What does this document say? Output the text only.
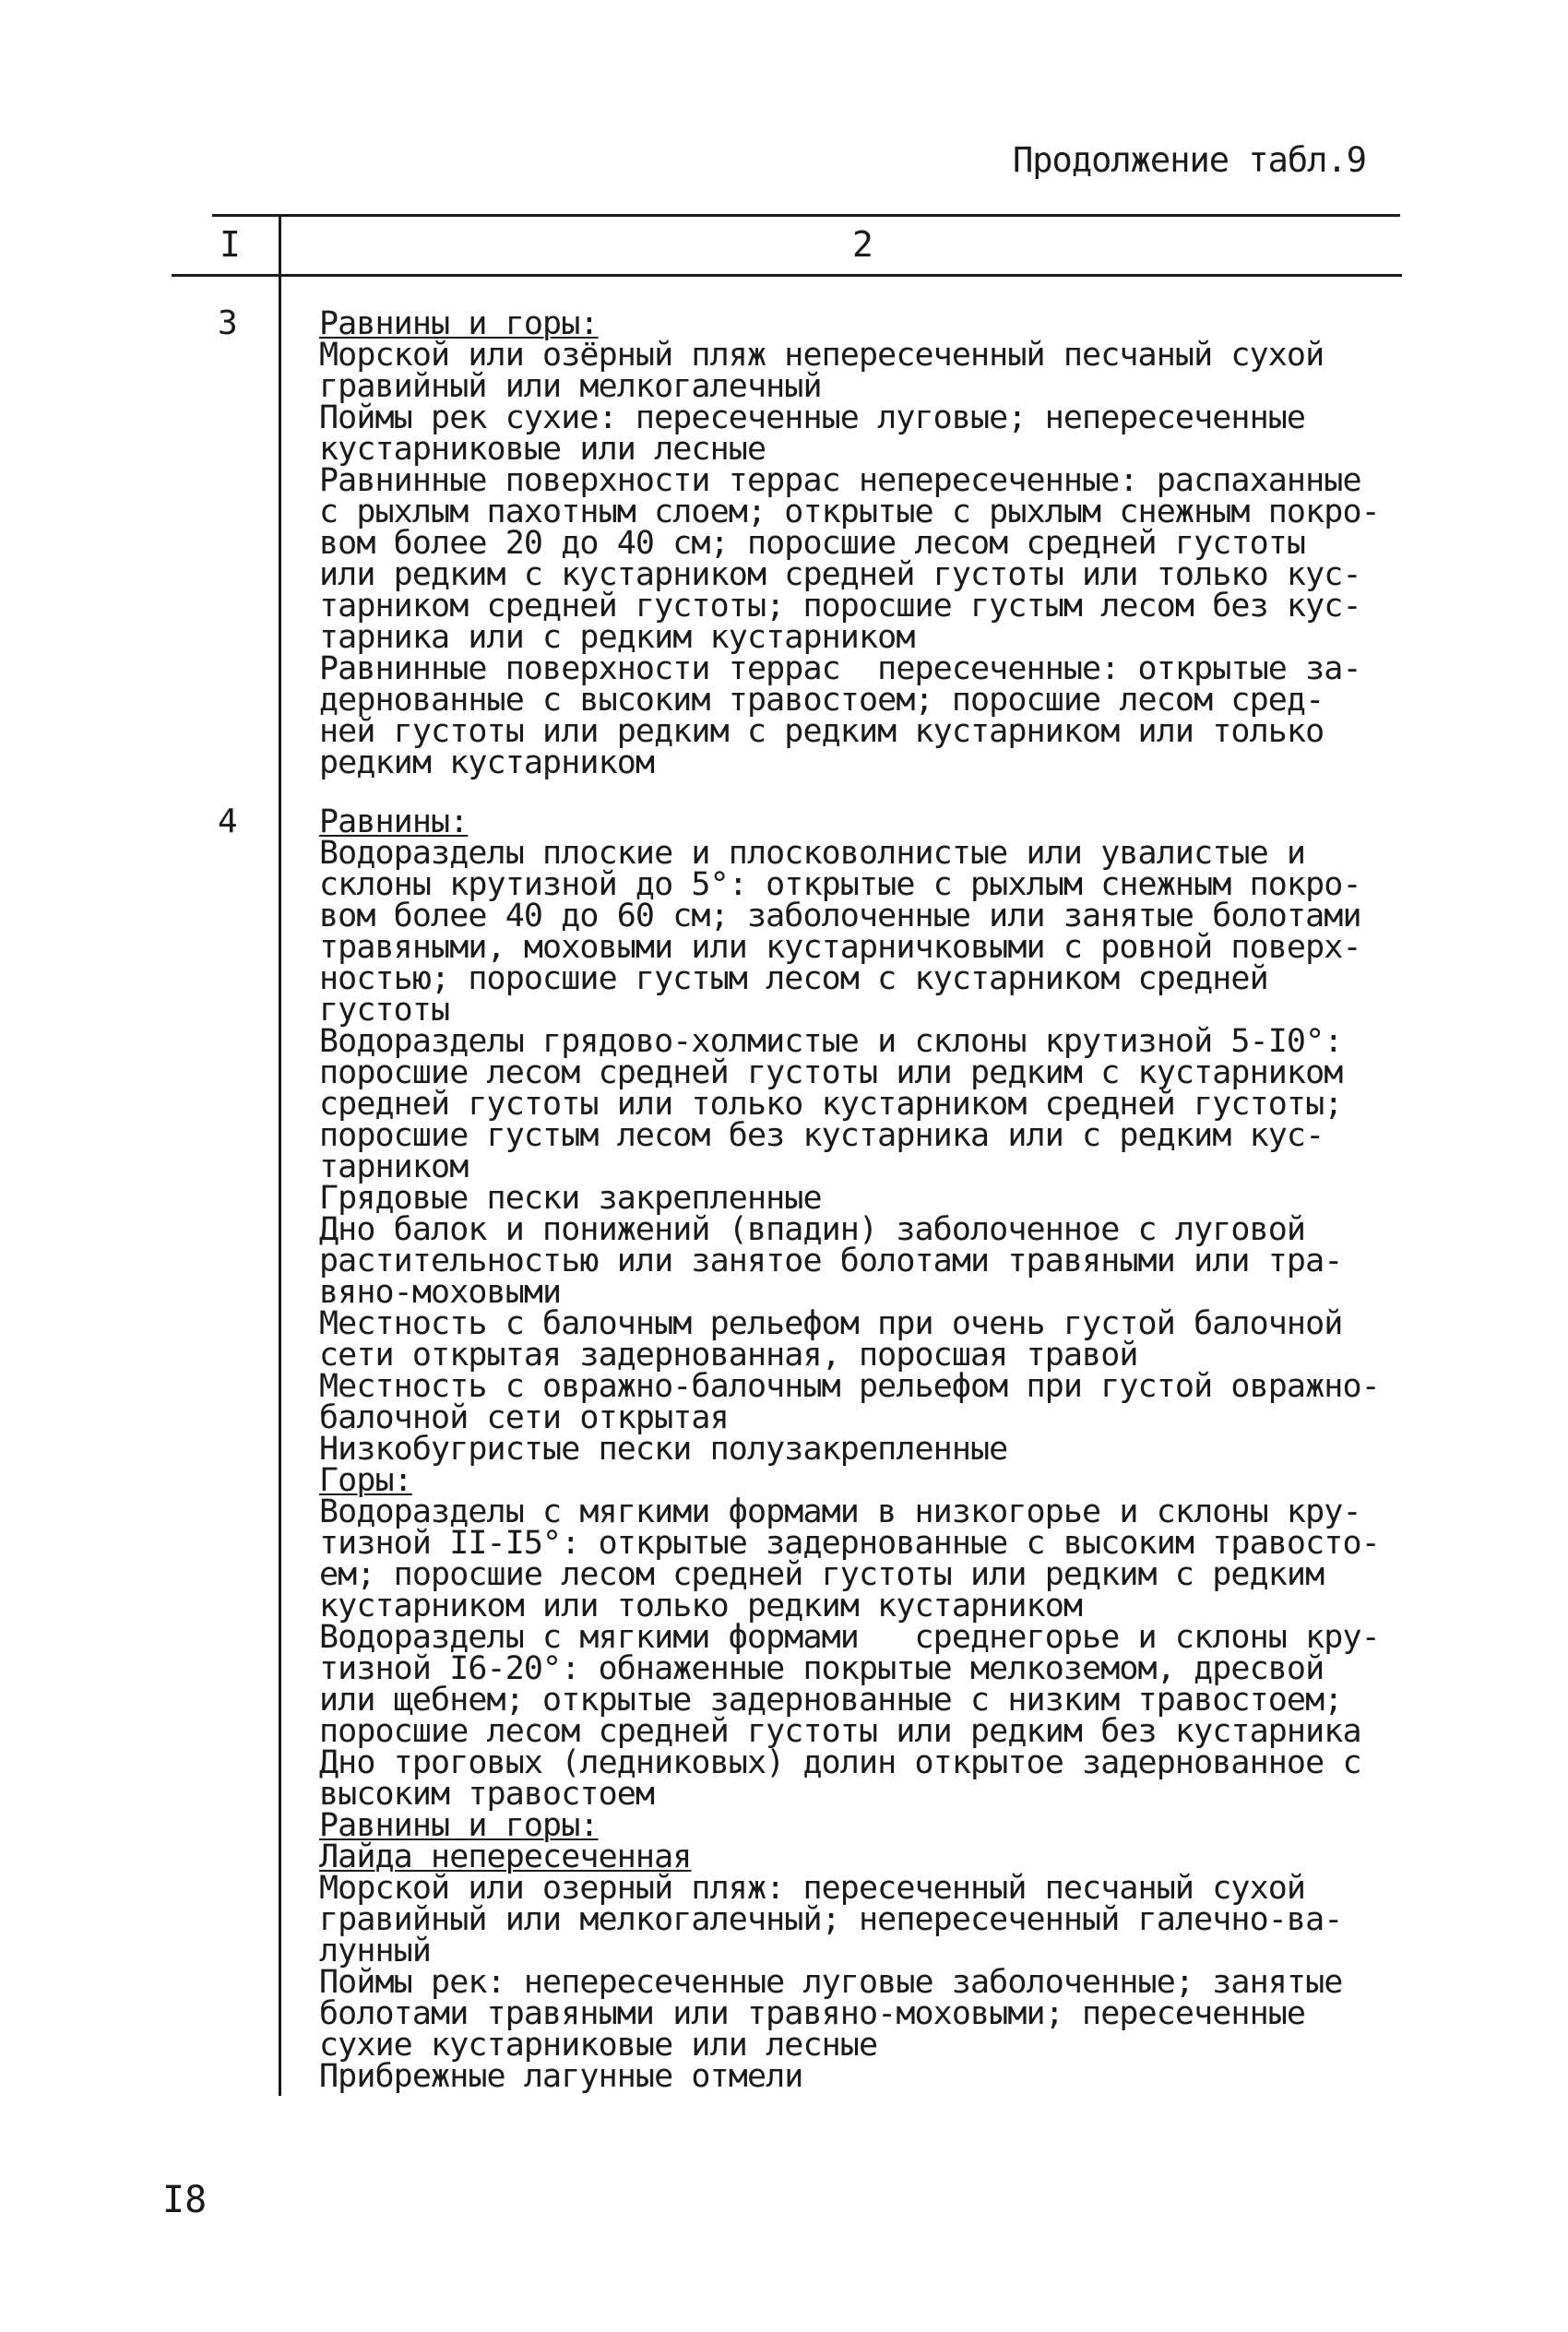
Продолжение табл.9
I	2
3	Равнины и горы:
Морской или озёрный пляж непересеченный песчаный сухой
гравийный или мелкогалечный
Поймы рек сухие: пересеченные луговые; непересеченные
кустарниковые или лесные
Равнинные поверхности террас непересеченные: распаханные
с рыхлым пахотным слоем; открытые с рыхлым снежным покро-
вом более 20 до 40 см; поросшие лесом средней густоты
или редким с кустарником средней густоты или только кус-
тарником средней густоты; поросшие густым лесом без кус-
тарника или с редким кустарником
Равнинные поверхности террас  пересеченные: открытые за-
дернованные с высоким травостоем; поросшие лесом сред-
ней густоты или редким с редким кустарником или только
редким кустарником
4	Равнины:
Водоразделы плоские и плосковолнистые или увалистые и
склоны крутизной до 5°: открытые с рыхлым снежным покро-
вом более 40 до 60 см; заболоченные или занятые болотами
травяными, моховыми или кустарничковыми с ровной поверх-
ностью; поросшие густым лесом с кустарником средней
густоты
Водоразделы грядово-холмистые и склоны крутизной 5-I0°:
поросшие лесом средней густоты или редким с кустарником
средней густоты или только кустарником средней густоты;
поросшие густым лесом без кустарника или с редким кус-
тарником
Грядовые пески закрепленные
Дно балок и понижений (впадин) заболоченное с луговой
растительностью или занятое болотами травяными или тра-
вяно-моховыми
Местность с балочным рельефом при очень густой балочной
сети открытая задернованная, поросшая травой
Местность с овражно-балочным рельефом при густой овражно-
балочной сети открытая
Низкобугристые пески полузакрепленные
Горы:
Водоразделы с мягкими формами в низкогорье и склоны кру-
тизной II-I5°: открытые задернованные с высоким травосто-
ем; поросшие лесом средней густоты или редким с редким
кустарником или только редким кустарником
Водоразделы с мягкими формами   среднегорье и склоны кру-
тизной I6-20°: обнаженные покрытые мелкоземом, дресвой
или щебнем; открытые задернованные с низким травостоем;
поросшие лесом средней густоты или редким без кустарника
Дно троговых (ледниковых) долин открытое задернованное с
высоким травостоем
Равнины и горы:
Лайда непересеченная
Морской или озерный пляж: пересеченный песчаный сухой
гравийный или мелкогалечный; непересеченный галечно-ва-
лунный
Поймы рек: непересеченные луговые заболоченные; занятые
болотами травяными или травяно-моховыми; пересеченные
сухие кустарниковые или лесные
Прибрежные лагунные отмели
I8
